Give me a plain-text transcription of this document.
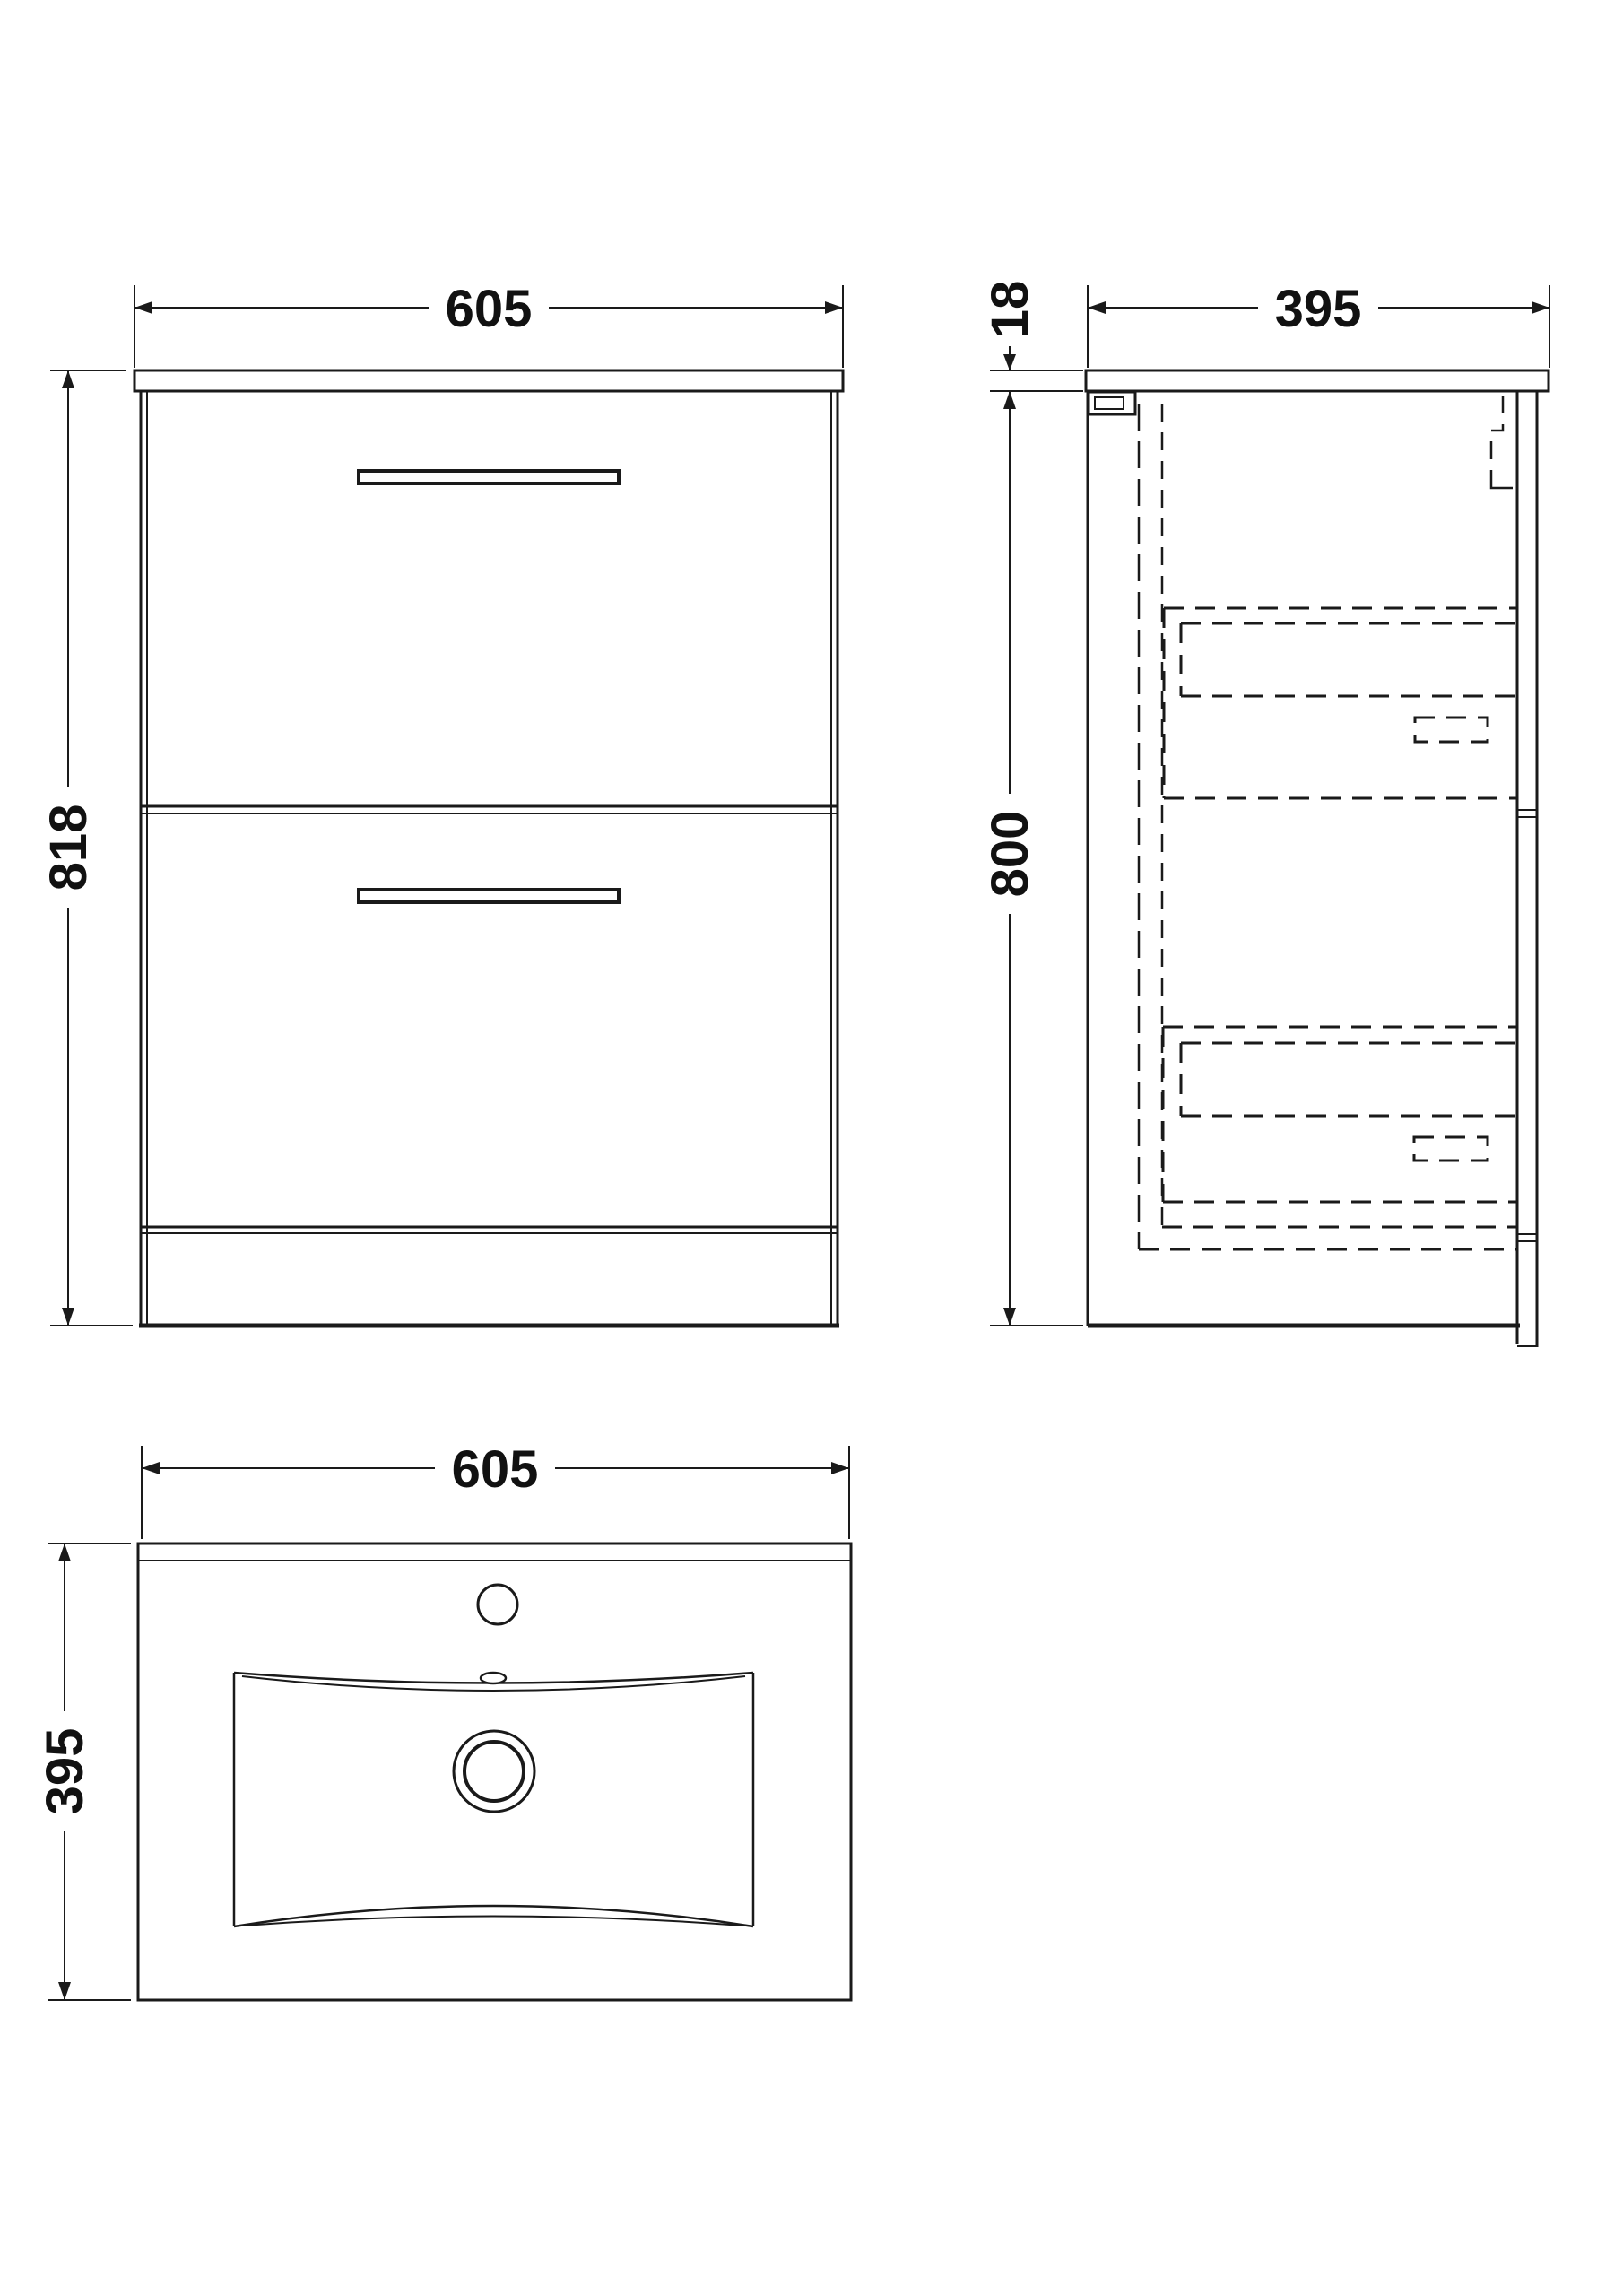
605
818
395
18
800
605
395
